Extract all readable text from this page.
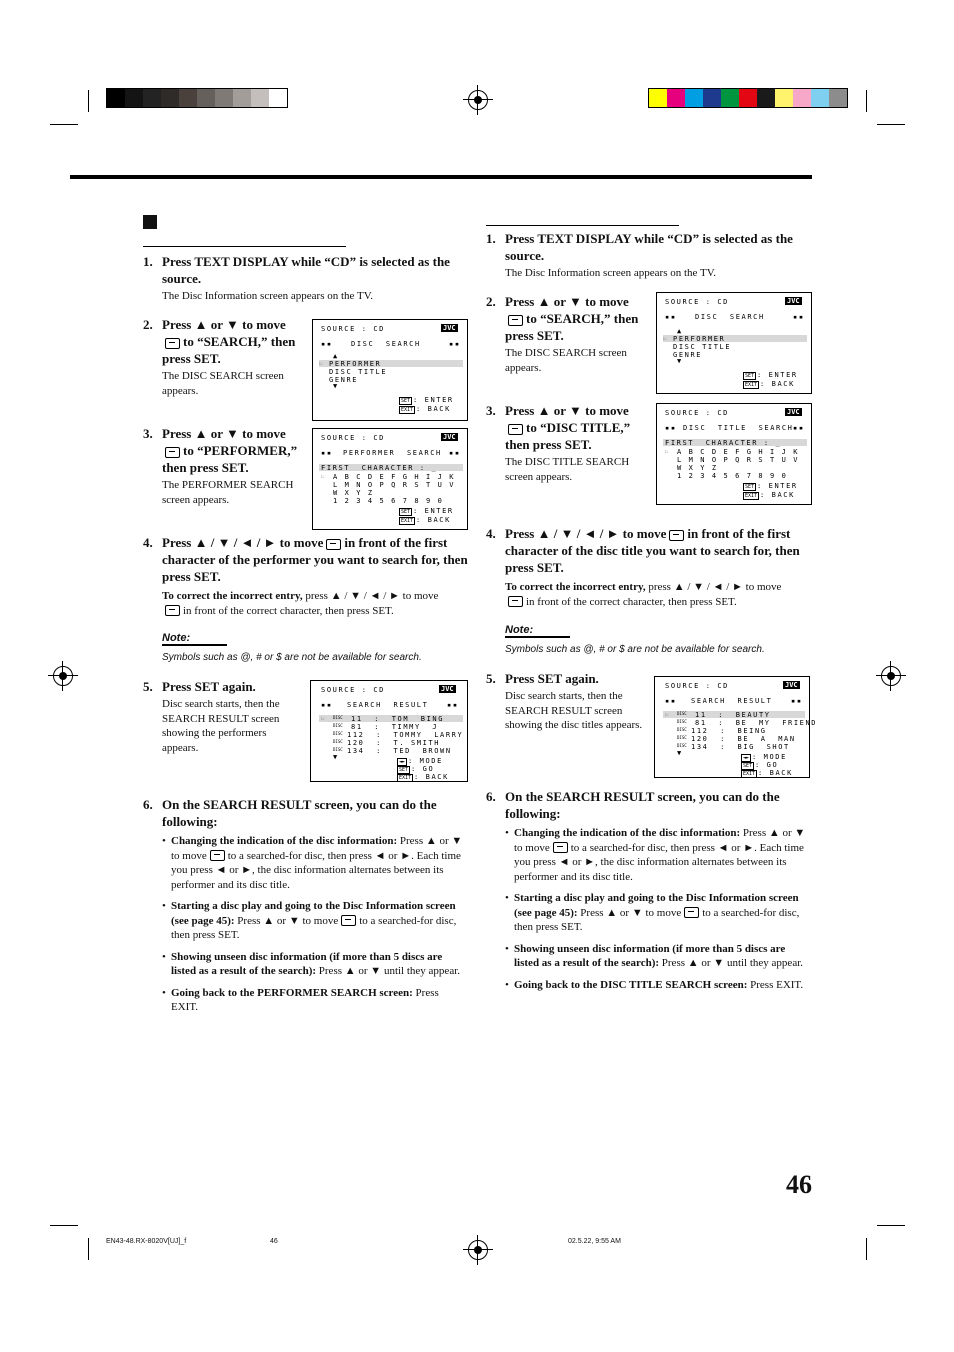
1. Press TEXT DISPLAY while “CD” is selected as the source.
The Disc Information screen appears on the TV.
2. Press ▲ or ▼ to move
to “SEARCH,” then press SET.
The DISC SEARCH screen appears.
3. Press ▲ or ▼ to move
to “PERFORMER,” then press SET.
The PERFORMER SEARCH screen appears.
4. Press ▲ / ▼ / ◄ / ► to move in front of the first character of the performer you want to search for, then press SET.
To correct the incorrect entry, press ▲ / ▼ / ◄ / ► to move
in front of the correct character, then press SET.
Note:
Symbols such as @, # or $ are not be available for search.
5. Press SET again.
Disc search starts, then the SEARCH RESULT screen showing the performers appears.
6. On the SEARCH RESULT screen, you can do the following:
• Changing the indication of the disc information: Press ▲ or ▼ to move to a searched-for disc, then press ◄ or ►. Each time you press ◄ or ►, the disc information alternates between its performer and its disc title.
• Starting a disc play and going to the Disc Information screen (see page 45): Press ▲ or ▼ to move to a searched-for disc, then press SET.
• Showing unseen disc information (if more than 5 discs are listed as a result of the search): Press ▲ or ▼ until they appear.
• Going back to the PERFORMER SEARCH screen: Press EXIT.
1. Press TEXT DISPLAY while “CD” is selected as the source.
The Disc Information screen appears on the TV.
2. Press ▲ or ▼ to move
to “SEARCH,” then press SET.
The DISC SEARCH screen appears.
3. Press ▲ or ▼ to move
to “DISC TITLE,” then press SET.
The DISC TITLE SEARCH screen appears.
4. Press ▲ / ▼ / ◄ / ► to move in front of the first character of the disc title you want to search for, then press SET.
To correct the incorrect entry, press ▲ / ▼ / ◄ / ► to move
in front of the correct character, then press SET.
Note:
Symbols such as @, # or $ are not be available for search.
5. Press SET again.
Disc search starts, then the SEARCH RESULT screen showing the disc titles appears.
6. On the SEARCH RESULT screen, you can do the following:
• Changing the indication of the disc information: Press ▲ or ▼ to move to a searched-for disc, then press ◄ or ►. Each time you press ◄ or ►, the disc information alternates between its performer and its disc title.
• Starting a disc play and going to the Disc Information screen (see page 45): Press ▲ or ▼ to move to a searched-for disc, then press SET.
• Showing unseen disc information (if more than 5 discs are listed as a result of the search): Press ▲ or ▼ until they appear.
• Going back to the DISC TITLE SEARCH screen: Press EXIT.
SOURCE : CD	JVC
▪▪	▪▪
DISC  SEARCH
▲
☞ PERFORMER
DISC TITLE
GENRE
▼
SET : ENTER
EXIT : BACK
SOURCE : CD	JVC
▪▪	▪▪
PERFORMER  SEARCH
FIRST  CHARACTER : _
☞ A B C D E F G H I J K
L M N O P Q R S T U V
W X Y Z
1 2 3 4 5 6 7 8 9 0
SET : ENTER
EXIT : BACK
SOURCE : CD	JVC
▪▪	▪▪
SEARCH  RESULT
☞ DISC 11  :  TOM  BING
DISC 81  :  TIMMY  J
DISC 112  :  TOMMY  LARRY
DISC 120  :  T. SMITH
DISC 134  :  TED  BROWN
▼
◄► : MODE
SET : GO
EXIT : BACK
SOURCE : CD	JVC
▪▪	▪▪
DISC  SEARCH
▲
☞ PERFORMER
DISC TITLE
GENRE
▼
SET : ENTER
EXIT : BACK
SOURCE : CD	JVC
▪▪	▪▪
DISC  TITLE  SEARCH
FIRST  CHARACTER : _
☞ A B C D E F G H I J K
L M N O P Q R S T U V
W X Y Z
1 2 3 4 5 6 7 8 9 0
SET : ENTER
EXIT : BACK
SOURCE : CD	JVC
▪▪	▪▪
SEARCH  RESULT
☞ DISC 11  :  BEAUTY
DISC 81  :  BE  MY  FRIEND
DISC 112  :  BEING
DISC 120  :  BE  A  MAN
DISC 134  :  BIG  SHOT
▼
◄► : MODE
SET : GO
EXIT : BACK
46
EN43-48.RX-8020V[UJ]_f	46	02.5.22, 9:55 AM
